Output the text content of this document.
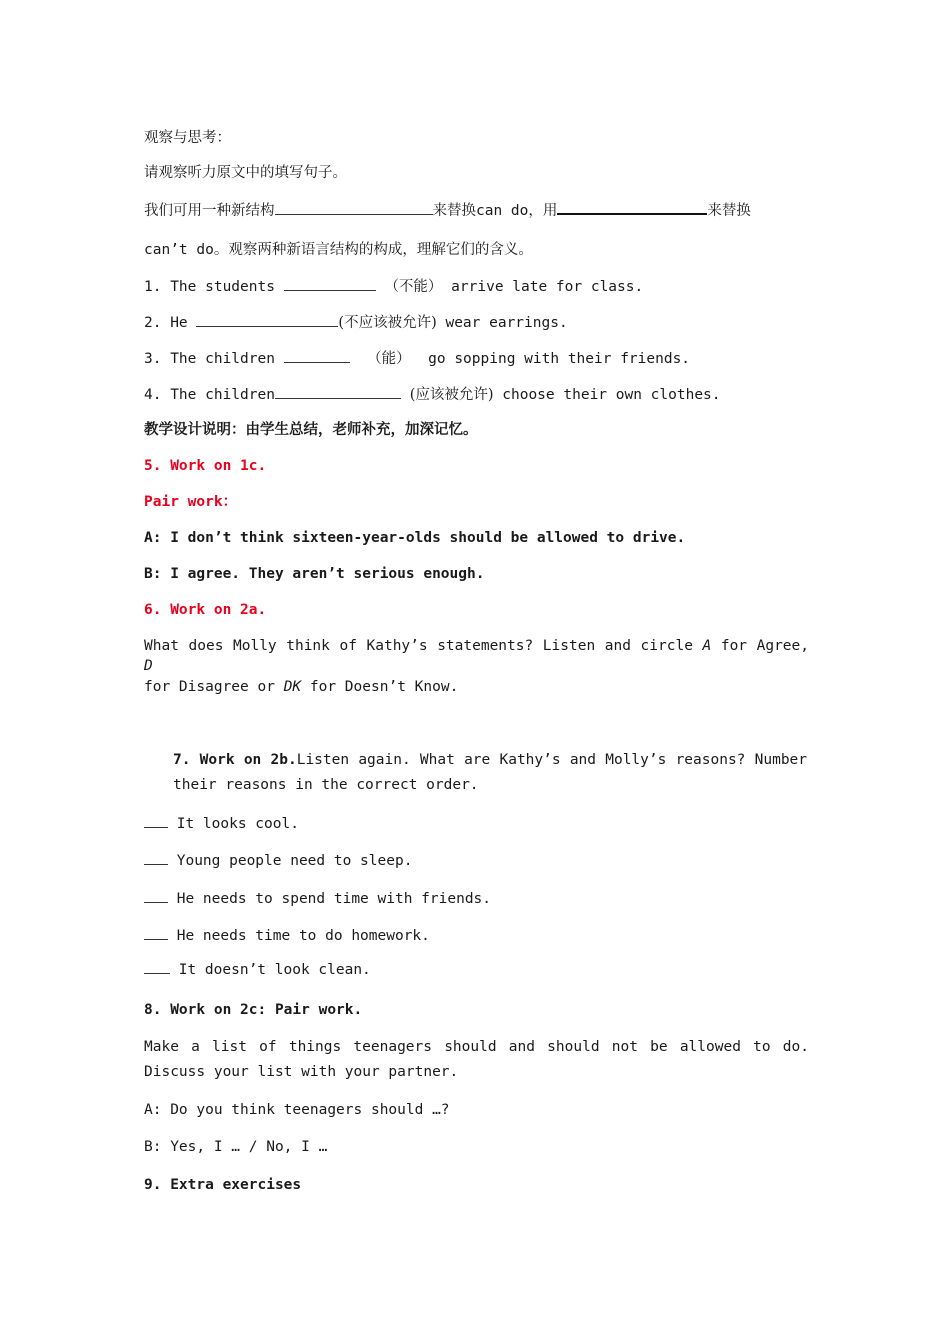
观察与思考：
请观察听力原文中的填写句子。
我们可用一种新结构	来替换can do，用	来替换
can’t do。观察两种新语言结构的构成，理解它们的含义。
1. The students	（不能） arrive late for class.
2. He	(不应该被允许) wear earrings.
3. The children	（能） go sopping with their friends.
4. The children	(应该被允许) choose their own clothes.
教学设计说明：由学生总结，老师补充，加深记忆。
5. Work on 1c.
Pair work：
A: I don’t think sixteen-year-olds should be allowed to drive.
B: I agree. They aren’t serious enough.
6. Work on 2a.
What does Molly think of Kathy’s statements? Listen and circle A for Agree, D
for Disagree or DK for Doesn’t Know.
7. Work on 2b.Listen again. What are Kathy’s and Molly’s reasons? Number their reasons in the correct order.
It looks cool.
Young people need to sleep.
He needs to spend time with friends.
He needs time to do homework.
It doesn’t look clean.
8. Work on 2c: Pair work.
Make a list of things teenagers should and should not be allowed to do. Discuss your list with your partner.
A: Do you think teenagers should …?
B: Yes, I … / No, I …
9. Extra exercises
